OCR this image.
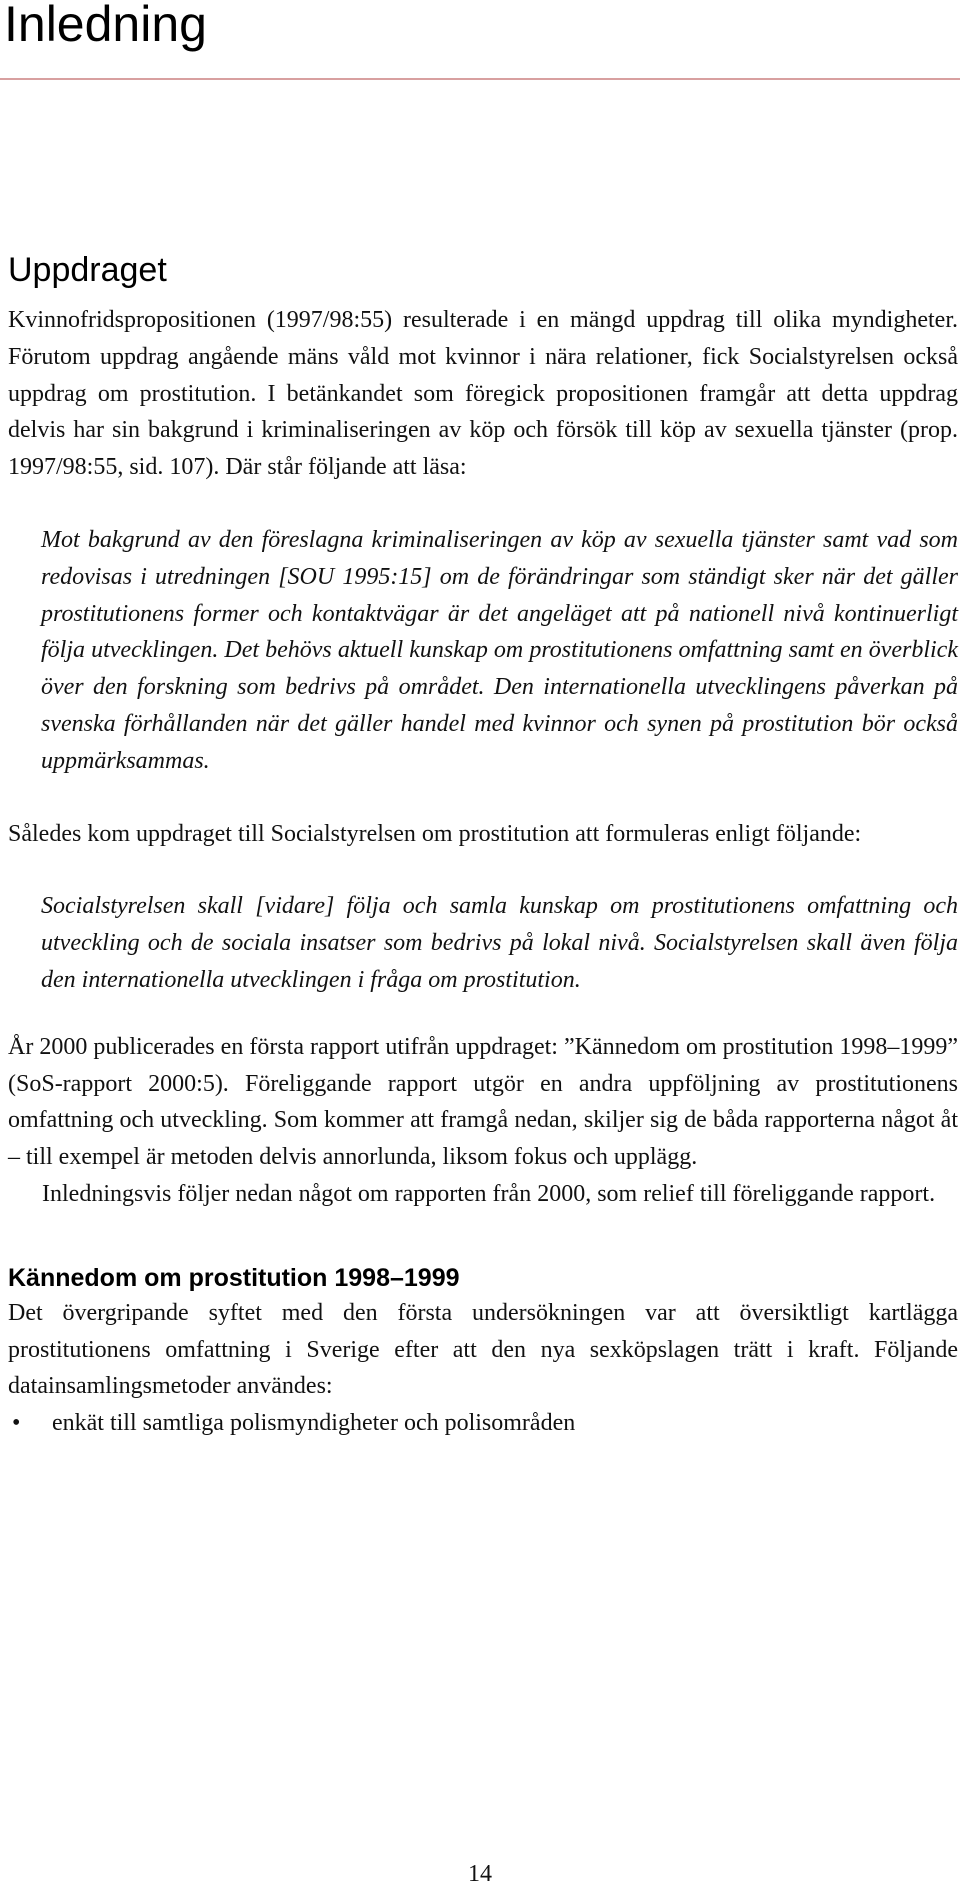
Inledning
Uppdraget

Kvinnofridspropositionen (1997/98:55) resulterade i en mängd uppdrag till olika myndigheter. Förutom uppdrag angående mäns våld mot kvinnor i nära relationer, fick Socialstyrelsen också uppdrag om prostitution. I betänkandet som föregick propositionen framgår att detta uppdrag delvis har sin bakgrund i kriminaliseringen av köp och försök till köp av sexuella tjänster (prop. 1997/98:55, sid. 107). Där står följande att läsa:

Mot bakgrund av den föreslagna kriminaliseringen av köp av sexuella tjänster samt vad som redovisas i utredningen [SOU 1995:15] om de förändringar som ständigt sker när det gäller prostitutionens former och kontaktvägar är det angeläget att på nationell nivå kontinuerligt följa utvecklingen. Det behövs aktuell kunskap om prostitutionens omfattning samt en överblick över den forskning som bedrivs på området. Den internationella utvecklingens påverkan på svenska förhållanden när det gäller handel med kvinnor och synen på prostitution bör också uppmärksammas.

Således kom uppdraget till Socialstyrelsen om prostitution att formuleras enligt följande:

Socialstyrelsen skall [vidare] följa och samla kunskap om prostitutionens omfattning och utveckling och de sociala insatser som bedrivs på lokal nivå. Socialstyrelsen skall även följa den internationella utvecklingen i fråga om prostitution.

År 2000 publicerades en första rapport utifrån uppdraget: ”Kännedom om prostitution 1998–1999” (SoS-rapport 2000:5). Föreliggande rapport utgör en andra uppföljning av prostitutionens omfattning och utveckling. Som kommer att framgå nedan, skiljer sig de båda rapporterna något åt – till exempel är metoden delvis annorlunda, liksom fokus och upplägg.

Inledningsvis följer nedan något om rapporten från 2000, som relief till föreliggande rapport.

Kännedom om prostitution 1998–1999

Det övergripande syftet med den första undersökningen var att översiktligt kartlägga prostitutionens omfattning i Sverige efter att den nya sexköpslagen trätt i kraft. Följande datainsamlingsmetoder användes:

• enkät till samtliga polismyndigheter och polisområden
14
